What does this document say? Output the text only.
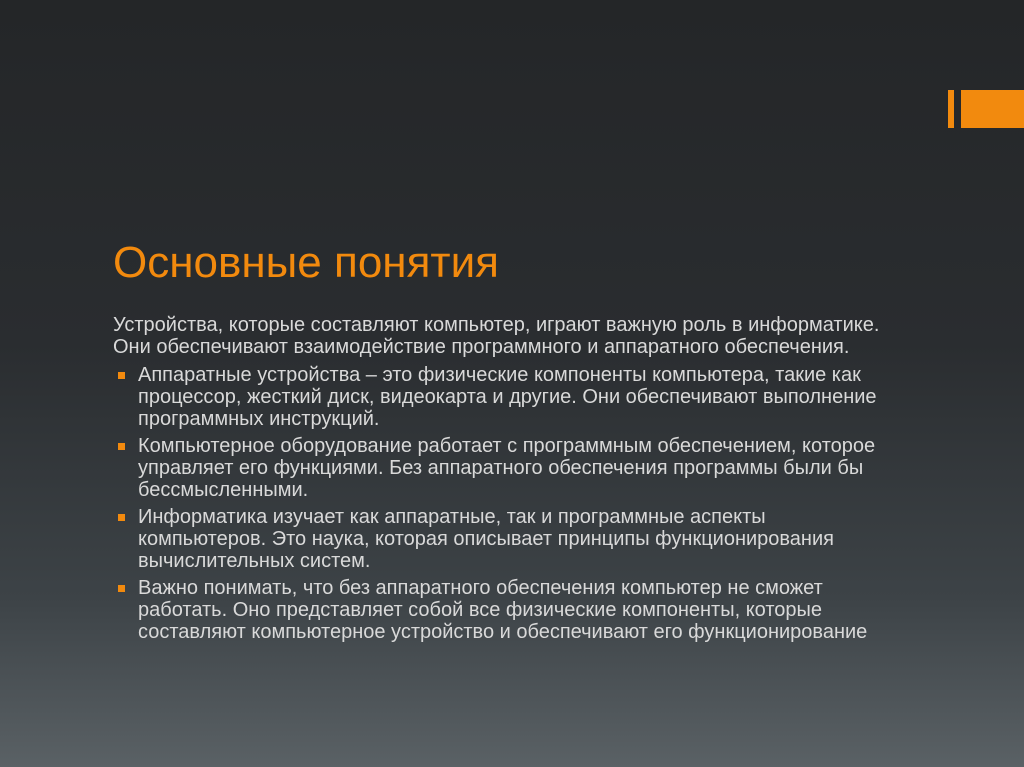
Основные понятия

Устройства, которые составляют компьютер, играют важную роль в информатике. Они обеспечивают взаимодействие программного и аппаратного обеспечения.

Аппаратные устройства – это физические компоненты компьютера, такие как процессор, жесткий диск, видеокарта и другие. Они обеспечивают выполнение программных инструкций.
Компьютерное оборудование работает с программным обеспечением, которое управляет его функциями. Без аппаратного обеспечения программы были бы бессмысленными.
Информатика изучает как аппаратные, так и программные аспекты компьютеров. Это наука, которая описывает принципы функционирования вычислительных систем.
Важно понимать, что без аппаратного обеспечения компьютер не сможет работать. Оно представляет собой все физические компоненты, которые составляют компьютерное устройство и обеспечивают его функционирование
